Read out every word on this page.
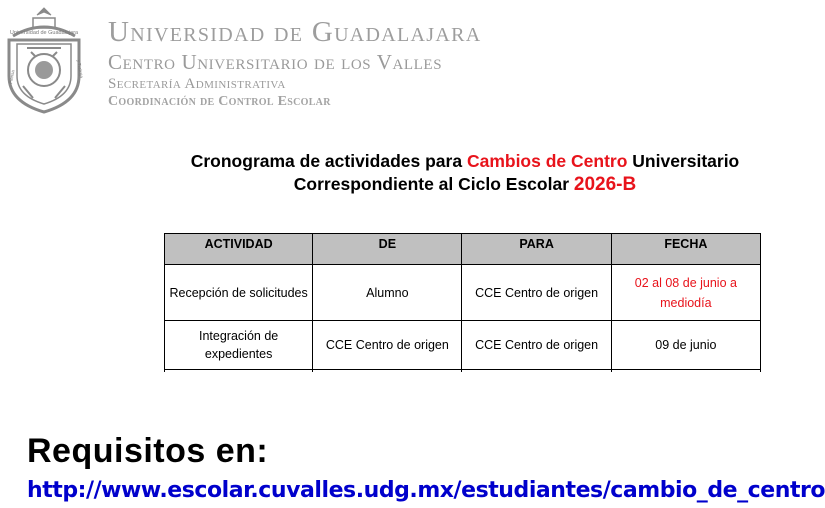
Universidad de Guadalajara
Piensa	y Trabaja
Universidad de Guadalajara
Centro Universitario de los Valles
Secretaría Administrativa
Coordinación de Control Escolar
Cronograma de actividades para Cambios de Centro Universitario
Correspondiente al Ciclo Escolar 2026-B
ACTIVIDAD	DE	PARA	FECHA
Recepción de solicitudes	Alumno	CCE Centro de origen	02 al 08 de junio a mediodía
Integración de expedientes	CCE Centro de origen	CCE Centro de origen	09 de junio

Requisitos en:
http://www.escolar.cuvalles.udg.mx/estudiantes/cambio_de_centro
